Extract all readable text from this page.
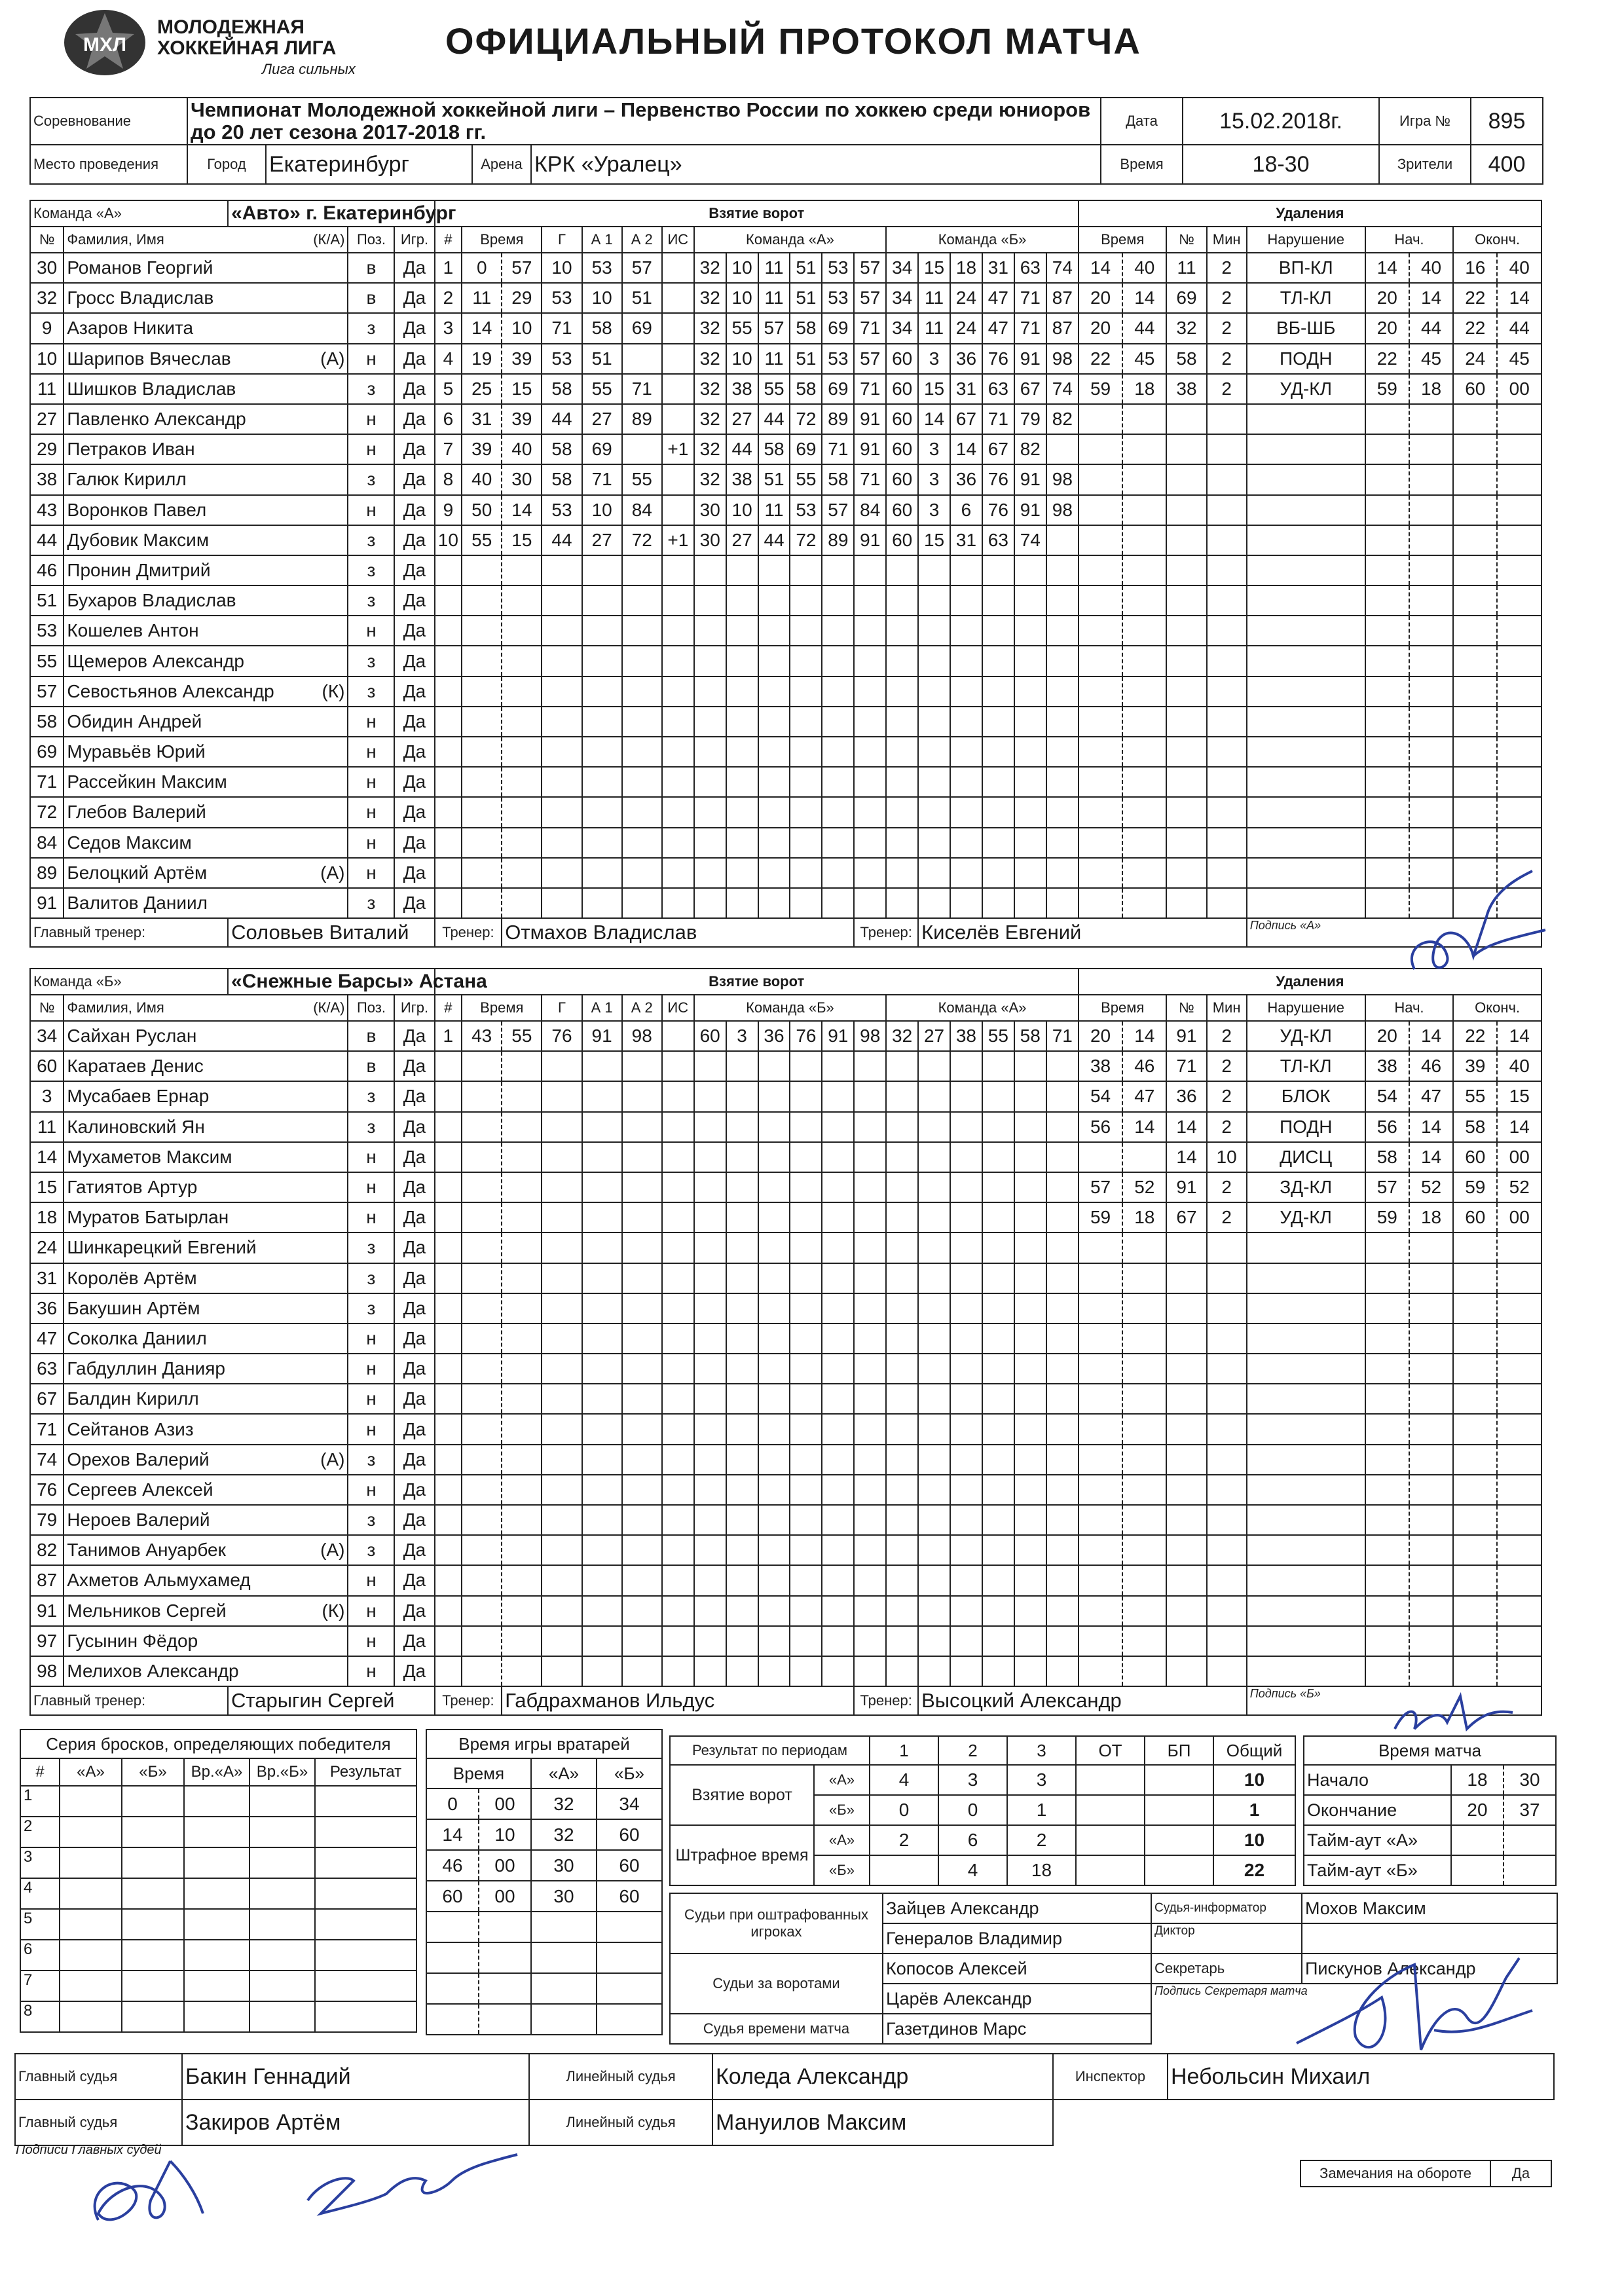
МХЛ
МОЛОДЕЖНАЯ
ХОККЕЙНАЯ ЛИГА
Лига сильных
ОФИЦИАЛЬНЫЙ ПРОТОКОЛ МАТЧА
Соревнование	Чемпионат Молодежной хоккейной лиги – Первенство России по хоккею среди юниоров до 20 лет сезона 2017-2018 гг.				Дата	15.02.2018г.	Игра №	895
Место проведения	Город	Екатеринбург	Арена	КРК «Уралец»	Время	18-30	Зрители	400
Команда «А»		«Авто» г. Екатеринбург			Взятие ворот																			Удаления								
№	Фамилия, Имя (К/А)		Поз.	Игр.	#	Время		Г	А 1	А 2	ИС	Команда «А»						Команда «Б»						Время		№	Мин	Нарушение	Нач.		Оконч.	
30	Романов Георгий		в	Да	1	0	57	10	53	57		32	10	11	51	53	57	34	15	18	31	63	74	14	40	11	2	ВП-КЛ	14	40	16	40
32	Гросс Владислав		в	Да	2	11	29	53	10	51		32	10	11	51	53	57	34	11	24	47	71	87	20	14	69	2	ТЛ-КЛ	20	14	22	14
9	Азаров Никита		з	Да	3	14	10	71	58	69		32	55	57	58	69	71	34	11	24	47	71	87	20	44	32	2	ВБ-ШБ	20	44	22	44
10	Шарипов Вячеслав (А)		н	Да	4	19	39	53	51			32	10	11	51	53	57	60	3	36	76	91	98	22	45	58	2	ПОДН	22	45	24	45
11	Шишков Владислав		з	Да	5	25	15	58	55	71		32	38	55	58	69	71	60	15	31	63	67	74	59	18	38	2	УД-КЛ	59	18	60	00
27	Павленко Александр		н	Да	6	31	39	44	27	89		32	27	44	72	89	91	60	14	67	71	79	82									
29	Петраков Иван		н	Да	7	39	40	58	69		+1	32	44	58	69	71	91	60	3	14	67	82										
38	Галюк Кирилл		з	Да	8	40	30	58	71	55		32	38	51	55	58	71	60	3	36	76	91	98									
43	Воронков Павел		н	Да	9	50	14	53	10	84		30	10	11	53	57	84	60	3	6	76	91	98									
44	Дубовик Максим		з	Да	10	55	15	44	27	72	+1	30	27	44	72	89	91	60	15	31	63	74										
46	Пронин Дмитрий		з	Да																												
51	Бухаров Владислав		з	Да																												
53	Кошелев Антон		н	Да																												
55	Щемеров Александр		з	Да																												
57	Севостьянов Александр (К)		з	Да																												
58	Обидин Андрей		н	Да																												
69	Муравьёв Юрий		н	Да																												
71	Рассейкин Максим		н	Да																												
72	Глебов Валерий		н	Да																												
84	Седов Максим		н	Да																												
89	Белоцкий Артём (А)		н	Да																												
91	Валитов Даниил		з	Да																												
Главный тренер:		Соловьев Виталий			Тренер:		Отмахов Владислав										Тренер:		Киселёв Евгений									Подпись «А»				
Команда «Б»		«Снежные Барсы» Астана			Взятие ворот																			Удаления								
№	Фамилия, Имя (К/А)		Поз.	Игр.	#	Время		Г	А 1	А 2	ИС	Команда «Б»						Команда «А»						Время		№	Мин	Нарушение	Нач.		Оконч.	
34	Сайхан Руслан		в	Да	1	43	55	76	91	98		60	3	36	76	91	98	32	27	38	55	58	71	20	14	91	2	УД-КЛ	20	14	22	14
60	Каратаев Денис		в	Да																				38	46	71	2	ТЛ-КЛ	38	46	39	40
3	Мусабаев Ернар		з	Да																				54	47	36	2	БЛОК	54	47	55	15
11	Калиновский Ян		з	Да																				56	14	14	2	ПОДН	56	14	58	14
14	Мухаметов Максим		н	Да																						14	10	ДИСЦ	58	14	60	00
15	Гатиятов Артур		н	Да																				57	52	91	2	ЗД-КЛ	57	52	59	52
18	Муратов Батырлан		н	Да																				59	18	67	2	УД-КЛ	59	18	60	00
24	Шинкарецкий Евгений		з	Да																												
31	Королёв Артём		з	Да																												
36	Бакушин Артём		з	Да																												
47	Соколка Даниил		н	Да																												
63	Габдуллин Данияр		н	Да																												
67	Балдин Кирилл		н	Да																												
71	Сейтанов Азиз		н	Да																												
74	Орехов Валерий (А)		з	Да																												
76	Сергеев Алексей		н	Да																												
79	Нероев Валерий		з	Да																												
82	Танимов Ануарбек (А)		з	Да																												
87	Ахметов Альмухамед		н	Да																												
91	Мельников Сергей (К)		н	Да																												
97	Гусынин Фёдор		н	Да																												
98	Мелихов Александр		н	Да																												
Главный тренер:		Старыгин Сергей			Тренер:		Габдрахманов Ильдус										Тренер:		Высоцкий Александр									Подпись «Б»				
Серия бросков, определяющих победителя					
#	«А»	«Б»	Вр.«А»	Вр.«Б»	Результат
1					
2					
3					
4					
5					
6					
7					
8					
Время игры вратарей			
Время		«А»	«Б»
0	00	32	34
14	10	32	60
46	00	30	60
60	00	30	60

Результат по периодам		1	2	3	ОТ	БП	Общий
Взятие ворот	«А»	4	3	3			10
	«Б»	0	0	1			1
Штрафное время	«А»	2	6	2			10
	«Б»		4	18			22
Время матча		
Начало	18	30
Окончание	20	37
Тайм-аут «А»		
Тайм-аут «Б»		
Судьи при оштрафованных игроках	Зайцев Александр	Судья-информатор	Мохов Максим
	Генералов Владимир	Диктор	
Судьи за воротами	Копосов Алексей	Секретарь	Пискунов Александр
	Царёв Александр	Подпись Секретаря матча	
Судья времени матча	Газетдинов Марс		
Главный судья	Бакин Геннадий	Линейный судья	Коледа Александр	Инспектор	Небольсин Михаил
Главный судья	Закиров Артём	Линейный судья	Мануилов Максим		
Подписи Главных судей
Замечания на обороте	Да
